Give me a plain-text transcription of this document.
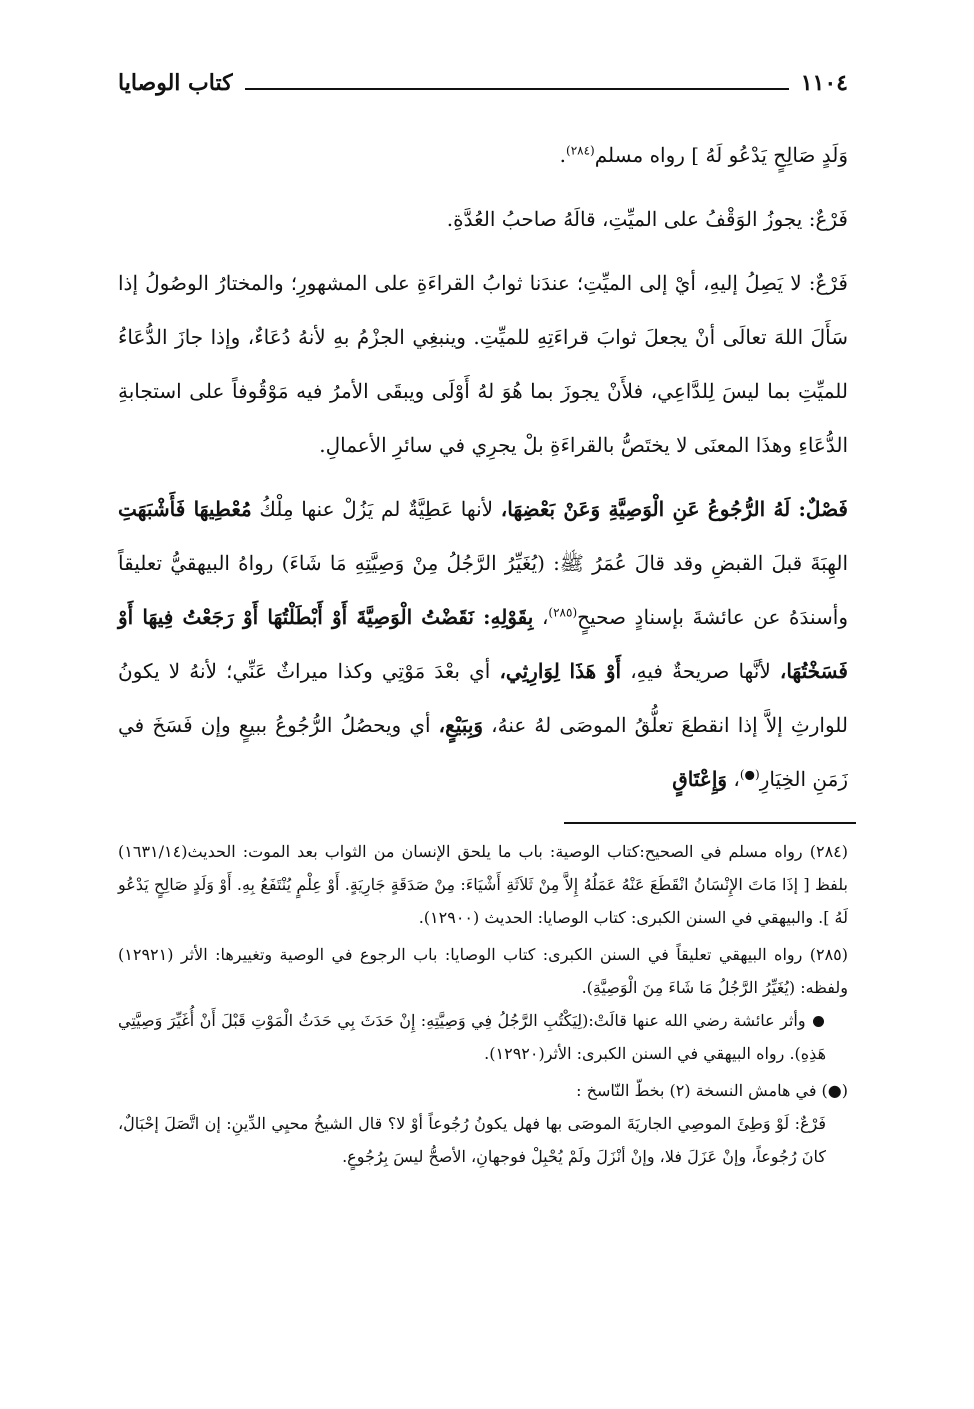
١١٠٤
كتاب الوصايا

وَلَدٍ صَالِحٍ يَدْعُو لَهُ ] رواه مسلم$^{(٢٨٤)}$.

فَرْعٌ: يجوزُ الوَقْفُ على الميِّتِ، قالَهُ صاحبُ العُدَّةِ.

فَرْعٌ: لا يَصِلُ إليهِ، أيْ إلى الميِّتِ؛ عندَنا ثوابُ القراءَةِ على المشهورِ؛ والمختارُ الوصُولُ إذا سَأَلَ اللهَ تعالَى أنْ يجعلَ ثوابَ قراءَتِهِ للميِّتِ. وينبغِي الجزْمُ بهِ لأنهُ دُعَاءٌ، وإذا جازَ الدُّعَاءُ للميِّتِ بما ليسَ لِلدَّاعِي، فلأَنْ يجوزَ بما هُوَ لهُ أَوْلَى ويبقَى الأمرُ فيه مَوْقُوفاً على استجابةِ الدُّعَاءِ وهذَا المعنَى لا يختَصُّ بالقراءَةِ بلْ يجرِي في سائرِ الأعمالِ.

فَصْلٌ: لَهُ الرُّجُوعُ عَنِ الْوَصِيَّةِ وَعَنْ بَعْضِهَا، لأنها عَطِيَّةٌ لم يَزُلْ عنها مِلْكُ مُعْطِيهَا فَأَشْبَهَتِ الهِبَةَ قبلَ القبضِ وقد قالَ عُمَرُ ﷺ: (يُغَيِّرُ الرَّجُلُ مِنْ وَصِيَّتِهِ مَا شَاءَ) رواهُ البيهقيُّ تعليقاً وأسندَهُ عن عائشةَ بإسنادٍ صحيحٍ$^{(٢٨٥)}$، بِقَوْلِهِ: نَقَضْتُ الْوَصِيَّةَ أَوْ أَبْطَلْتُهَا أَوْ رَجَعْتُ فِيهَا أَوْ فَسَخْتُهَا، لأنَّها صريحةٌ فيهِ، أَوْ هَذَا لِوَارِثِي، أي بعْدَ مَوْتِي وكذا ميراثٌ عَنِّي؛ لأنهُ لا يكونُ للوارثِ إلاَّ إذا انقطعَ تعلُّقُ الموصَى لهُ عنهُ، وَبِبَيْعٍ، أي ويحصُلُ الرُّجُوعُ ببيعٍ وإن فَسَخَ في زَمَنِ الخِيَارِ(●)، وَإِعْتَاقٍ

(٢٨٤) رواه مسلم في الصحيح:كتاب الوصية: باب ما يلحق الإنسان من الثواب بعد الموت: الحديث(١٦٣١/١٤) بلفظ [ إذَا مَاتَ الإِنْسَانُ انْقَطَعَ عَنْهُ عَمَلُهُ إِلاَّ مِنْ ثَلاَثَةِ أَشْيَاءَ: مِنْ صَدَقَةٍ جَارِيَةٍ. أَوْ عِلْمٍ يُنْتَفَعُ بِهِ. أَوْ وَلَدٍ صَالِحٍ يَدْعُو لَهُ ]. والبيهقي في السنن الكبرى: كتاب الوصايا: الحديث (١٢٩٠٠).

(٢٨٥) رواه البيهقي تعليقاً في السنن الكبرى: كتاب الوصايا: باب الرجوع في الوصية وتغييرها: الأثر (١٢٩٢١) ولفظه: (يُغَيِّرُ الرَّجُلُ مَا شَاءَ مِنَ الْوَصِيَّةِ).

وأثر عائشة رضي الله عنها قالَتْ:(لِيَكْتُبِ الرَّجُلُ فِي وَصِيَّتِهِ: إِنْ حَدَثَ بِي حَدَثُ الْمَوْتِ قَبْلَ أَنْ أُغَيِّرَ وَصِيَّتِي هَذِهِ). رواه البيهقي في السنن الكبرى: الأثر(١٢٩٢٠).

(●) في هامش النسخة (٢) بخطّ النّاسخ :

فَرْعٌ: لَوْ وَطِئَ الموصِي الجاريَةَ الموصَى بها فهل يكونُ رُجُوعاً أوْ لا؟ قال الشيخُ محيِي الدِّينِ: إن اتَّصَلَ إحْبَالٌ، كانَ رُجُوعاً، وإنْ عَزَلَ فلا، وإنْ أنْزَلَ ولَمْ يُحْبِلْ فوجهانِ، الأصحُّ ليسَ بِرُجُوعٍ.
